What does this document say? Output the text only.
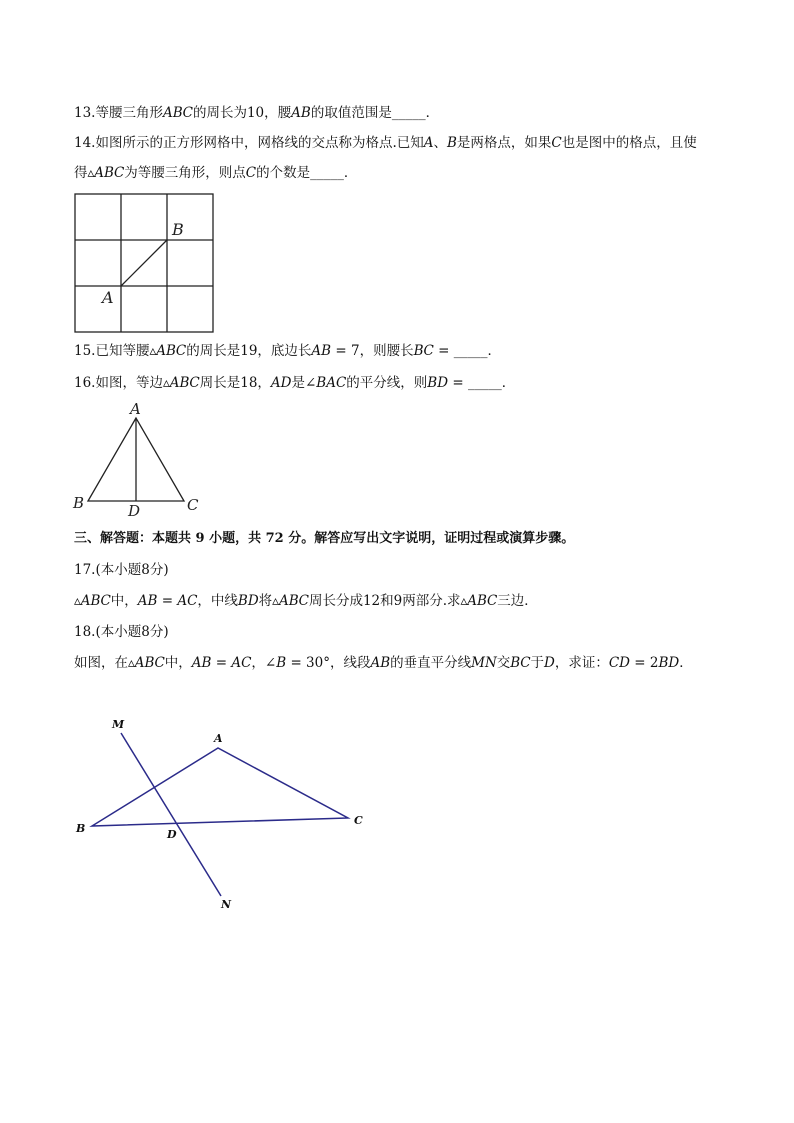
13.等腰三角形𝐴𝐵𝐶的周长为10，腰𝐴𝐵的取值范围是_____．
14.如图所示的正方形网格中，网格线的交点称为格点.已知𝐴、𝐵是两格点，如果𝐶也是图中的格点，且使
得▵𝐴𝐵𝐶为等腰三角形，则点𝐶的个数是_____．
B
A
15.已知等腰▵𝐴𝐵𝐶的周长是19，底边长𝐴𝐵 = 7，则腰长𝐵𝐶 = _____．
16.如图，等边▵𝐴𝐵𝐶周长是18，𝐴𝐷是∠𝐵𝐴𝐶的平分线，则𝐵𝐷 = _____．
A
B	C
D
三、解答题：本题共 9 小题，共 72 分。解答应写出文字说明，证明过程或演算步骤。
17.(本小题8分)
▵𝐴𝐵𝐶中，𝐴𝐵 = 𝐴𝐶，中线𝐵𝐷将▵𝐴𝐵𝐶周长分成12和9两部分.求▵𝐴𝐵𝐶三边．
18.(本小题8分)
如图，在▵𝐴𝐵𝐶中，𝐴𝐵 = 𝐴𝐶，∠𝐵 = 30°，线段𝐴𝐵的垂直平分线𝑀𝑁交𝐵𝐶于𝐷，求证：𝐶𝐷 = 2𝐵𝐷．
M
A
B
C
D
N
